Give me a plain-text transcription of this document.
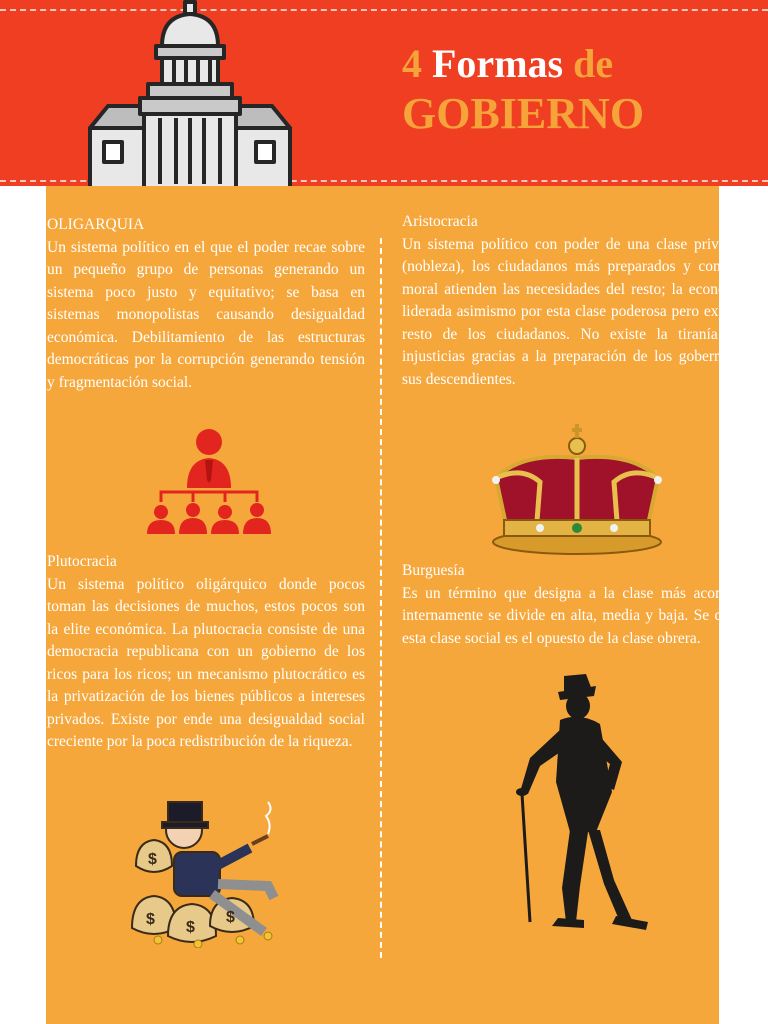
4 Formas de
GOBIERNO
OLIGARQUIA
Un sistema político en el que el poder recae sobre un pequeño grupo de personas generando un sistema poco justo y equitativo; se basa en sistemas monopolistas causando desigualdad económica. Debilitamiento de las estructuras democráticas por la corrupción generando tensión y fragmentación social.
Aristocracia
Un sistema político con poder de una clase privilegiada (nobleza), los ciudadanos más preparados y con mayor moral atienden las necesidades del resto; la economía es liderada asimismo por esta clase poderosa pero excluye al resto de los ciudadanos. No existe la tiranía ni las injusticias gracias a la preparación de los gobernantes y sus descendientes.
Plutocracia
Un sistema político oligárquico donde pocos toman las decisiones de muchos, estos pocos son la elite económica. La plutocracia consiste de una democracia republicana con un gobierno de los ricos para los ricos; un mecanismo plutocrático es la privatización de los bienes públicos a intereses privados. Existe por ende una desigualdad social creciente por la poca redistribución de la riqueza.
Burguesía
Es un término que designa a la clase más acomodada, internamente se divide en alta, media y baja. Se dice que esta clase social es el opuesto de la clase obrera.
$ $
$
$
